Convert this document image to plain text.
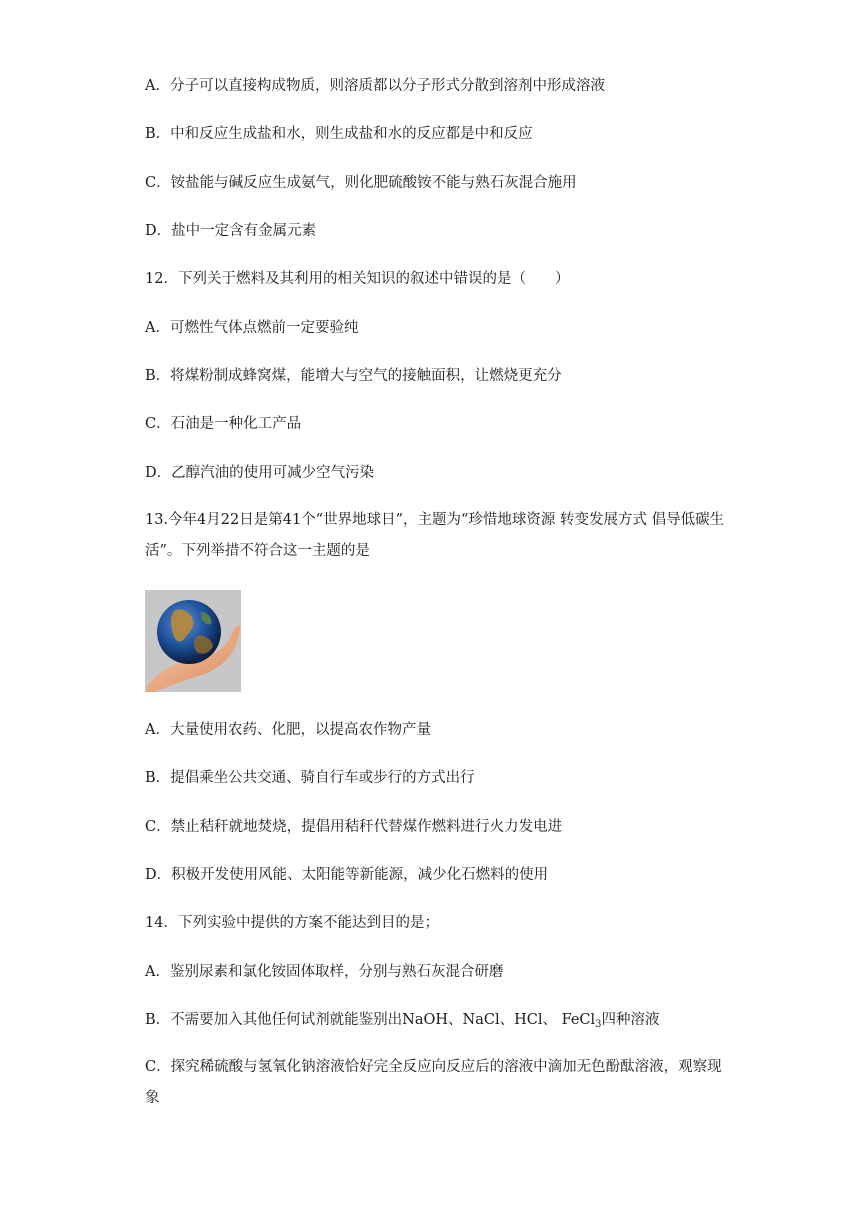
A．分子可以直接构成物质，则溶质都以分子形式分散到溶剂中形成溶液
B．中和反应生成盐和水，则生成盐和水的反应都是中和反应
C．铵盐能与碱反应生成氨气，则化肥硫酸铵不能与熟石灰混合施用
D．盐中一定含有金属元素
12．下列关于燃料及其利用的相关知识的叙述中错误的是（　　）
A．可燃性气体点燃前一定要验纯
B．将煤粉制成蜂窝煤，能增大与空气的接触面积，让燃烧更充分
C．石油是一种化工产品
D．乙醇汽油的使用可减少空气污染
13.今年4月22日是第41个“世界地球日”，主题为“珍惜地球资源 转变发展方式 倡导低碳生活”。下列举措不符合这一主题的是
A．大量使用农药、化肥，以提高农作物产量
B．提倡乘坐公共交通、骑自行车或步行的方式出行
C．禁止秸秆就地焚烧，提倡用秸秆代替煤作燃料进行火力发电进
D．积极开发使用风能、太阳能等新能源，减少化石燃料的使用
14．下列实验中提供的方案不能达到目的是；
A．鉴别尿素和氯化铵固体取样，分别与熟石灰混合研磨
B．不需要加入其他任何试剂就能鉴别出NaOH、NaCl、HCl、 FeCl$_3$四种溶液
C．探究稀硫酸与氢氧化钠溶液恰好完全反应向反应后的溶液中滴加无色酚酞溶液，观察现象
